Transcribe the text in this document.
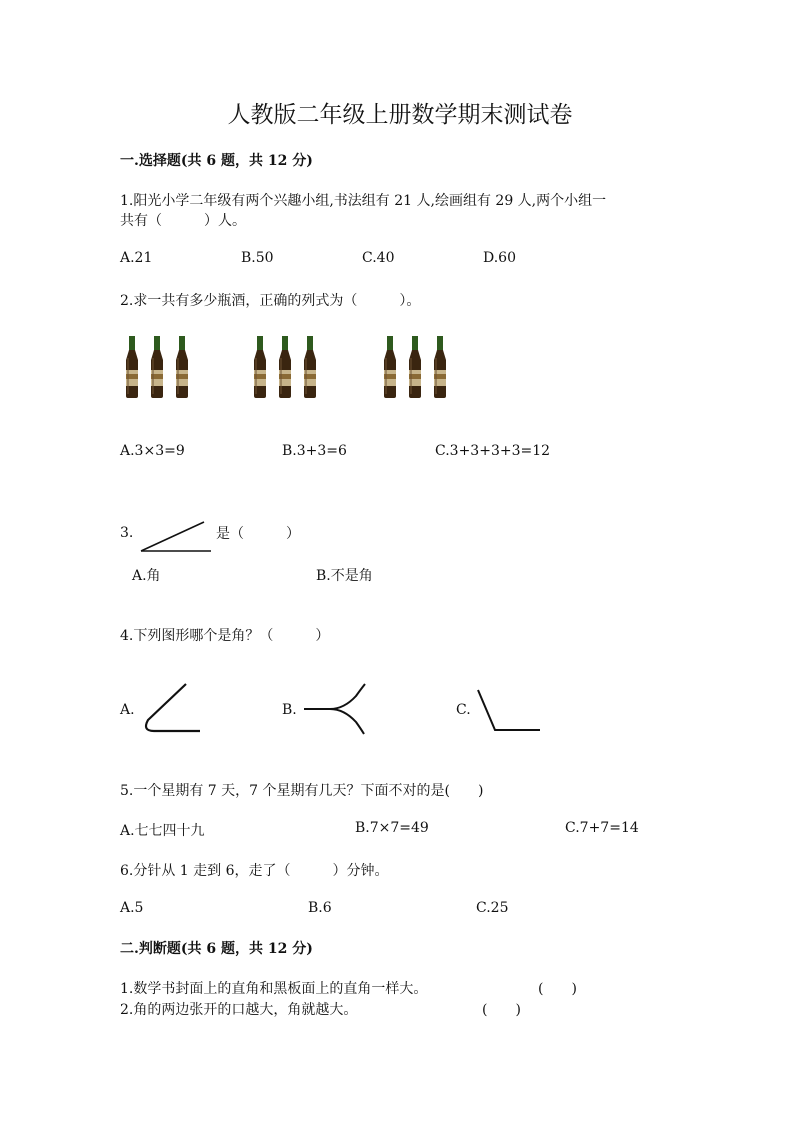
人教版二年级上册数学期末测试卷
一.选择题(共 6 题，共 12 分)
1.阳光小学二年级有两个兴趣小组,书法组有 21 人,绘画组有 29 人,两个小组一
共有（　　　）人。
A.21	B.50	C.40	D.60
2.求一共有多少瓶酒，正确的列式为（　　　）。
A.3×3=9	B.3+3=6	C.3+3+3+3=12
3.	是（　　　）
A.角	B.不是角
4.下列图形哪个是角？（　　　）
A.	B.	C.
5.一个星期有 7 天，7 个星期有几天？下面不对的是(　　)
A.七七四十九	B.7×7=49	C.7+7=14
6.分针从 1 走到 6，走了（　　　）分钟。
A.5	B.6	C.25
二.判断题(共 6 题，共 12 分)
1.数学书封面上的直角和黑板面上的直角一样大。	(　　)
2.角的两边张开的口越大，角就越大。	(　　)
